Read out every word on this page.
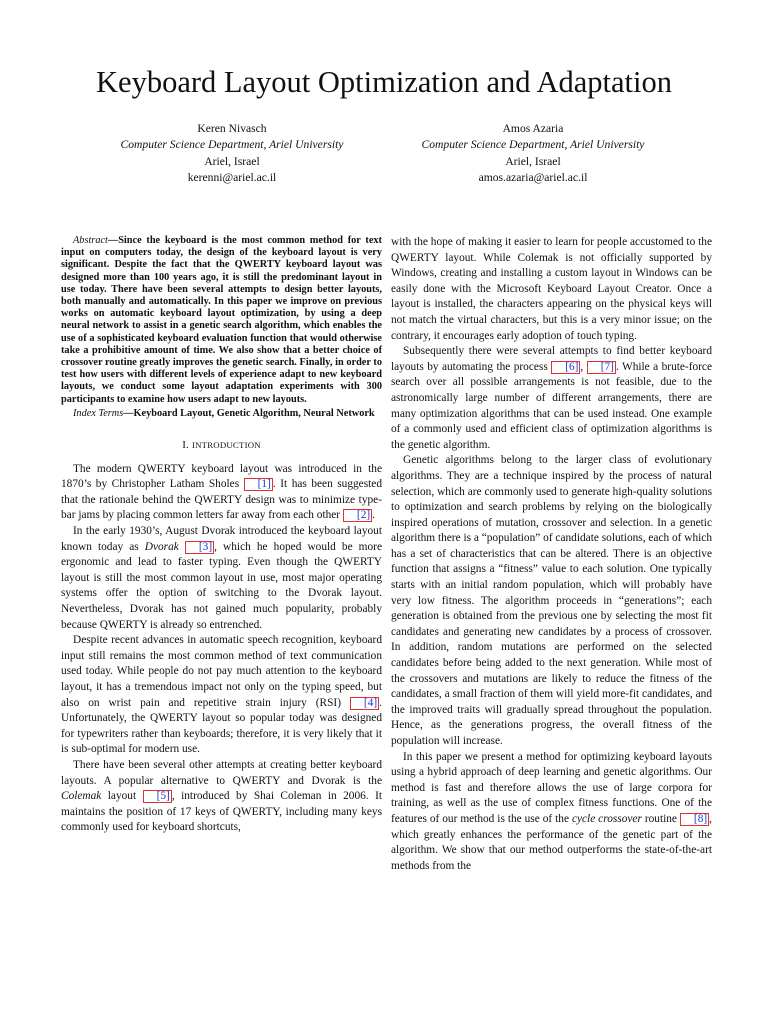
Keyboard Layout Optimization and Adaptation
Keren Nivasch
Computer Science Department, Ariel University
Ariel, Israel
kerenni@ariel.ac.il
Amos Azaria
Computer Science Department, Ariel University
Ariel, Israel
amos.azaria@ariel.ac.il

Abstract—Since the keyboard is the most common method for text input on computers today, the design of the keyboard layout is very significant. Despite the fact that the QWERTY keyboard layout was designed more than 100 years ago, it is still the predominant layout in use today. There have been several attempts to design better layouts, both manually and automatically. In this paper we improve on previous works on automatic keyboard layout optimization, by using a deep neural network to assist in a genetic search algorithm, which enables the use of a sophisticated keyboard evaluation function that would otherwise take a prohibitive amount of time. We also show that a better choice of crossover routine greatly improves the genetic search. Finally, in order to test how users with different levels of experience adapt to new keyboard layouts, we conduct some layout adaptation experiments with 300 participants to examine how users adapt to new layouts.

Index Terms—Keyboard Layout, Genetic Algorithm, Neural Network

I. INTRODUCTION

The modern QWERTY keyboard layout was introduced in the 1870’s by Christopher Latham Sholes [1] . It has been suggested that the rationale behind the QWERTY design was to minimize type-bar jams by placing common letters far away from each other [2] .

In the early 1930’s, August Dvorak introduced the keyboard layout known today as Dvorak [3] , which he hoped would be more ergonomic and lead to faster typing. Even though the QWERTY layout is still the most common layout in use, most major operating systems offer the option of switching to the Dvorak layout. Nevertheless, Dvorak has not gained much popularity, probably because QWERTY is already so entrenched.

Despite recent advances in automatic speech recognition, keyboard input still remains the most common method of text communication used today. While people do not pay much attention to the keyboard layout, it has a tremendous impact not only on the typing speed, but also on wrist pain and repetitive strain injury (RSI) [4] . Unfortunately, the QWERTY layout so popular today was designed for typewriters rather than keyboards; therefore, it is very likely that it is sub-optimal for modern use.

There have been several other attempts at creating better keyboard layouts. A popular alternative to QWERTY and Dvorak is the Colemak layout [5] , introduced by Shai Coleman in 2006. It maintains the position of 17 keys of QWERTY, including many keys commonly used for keyboard shortcuts,

with the hope of making it easier to learn for people accustomed to the QWERTY layout. While Colemak is not officially supported by Windows, creating and installing a custom layout in Windows can be easily done with the Microsoft Keyboard Layout Creator. Once a layout is installed, the characters appearing on the physical keys will not match the virtual characters, but this is a very minor issue; on the contrary, it encourages early adoption of touch typing.

Subsequently there were several attempts to find better keyboard layouts by automating the process [6] , [7] . While a brute-force search over all possible arrangements is not feasible, due to the astronomically large number of different arrangements, there are many optimization algorithms that can be used instead. One example of a commonly used and efficient class of optimization algorithms is the genetic algorithm.

Genetic algorithms belong to the larger class of evolutionary algorithms. They are a technique inspired by the process of natural selection, which are commonly used to generate high-quality solutions to optimization and search problems by relying on the biologically inspired operations of mutation, crossover and selection. In a genetic algorithm there is a “population” of candidate solutions, each of which has a set of characteristics that can be altered. There is an objective function that assigns a “fitness” value to each solution. One typically starts with an initial random population, which will probably have very low fitness. The algorithm proceeds in “generations”; each generation is obtained from the previous one by selecting the most fit candidates and generating new candidates by a process of crossover. In addition, random mutations are performed on the selected candidates before being added to the next generation. While most of the crossovers and mutations are likely to reduce the fitness of the candidates, a small fraction of them will yield more-fit candidates, and the improved traits will gradually spread throughout the population. Hence, as the generations progress, the overall fitness of the population will increase.

In this paper we present a method for optimizing keyboard layouts using a hybrid approach of deep learning and genetic algorithms. Our method is fast and therefore allows the use of large corpora for training, as well as the use of complex fitness functions. One of the features of our method is the use of the cycle crossover routine [8] , which greatly enhances the performance of the genetic part of the algorithm. We show that our method outperforms the state-of-the-art methods from the
